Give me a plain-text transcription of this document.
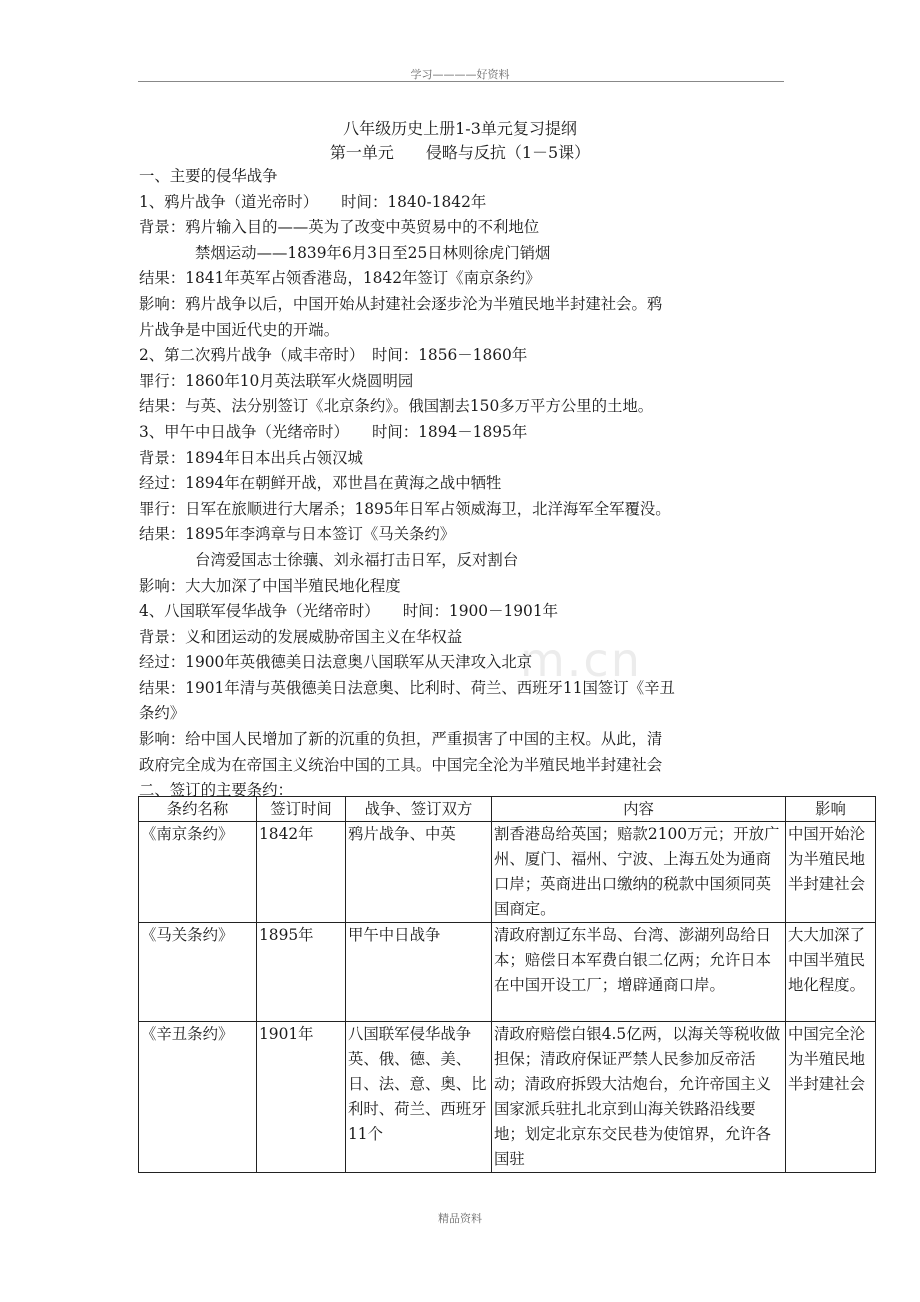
学习————好资料
m.cn
八年级历史上册1-3单元复习提纲
第一单元　　侵略与反抗（1－5课）
一、主要的侵华战争
1、鸦片战争（道光帝时）　　时间：1840-1842年
背景：鸦片输入目的——英为了改变中英贸易中的不利地位
禁烟运动——1839年6月3日至25日林则徐虎门销烟
结果：1841年英军占领香港岛，1842年签订《南京条约》
影响：鸦片战争以后，中国开始从封建社会逐步沦为半殖民地半封建社会。鸦
片战争是中国近代史的开端。
2、第二次鸦片战争（咸丰帝时）　时间：1856－1860年
罪行：1860年10月英法联军火烧圆明园
结果：与英、法分别签订《北京条约》。俄国割去150多万平方公里的土地。
3、甲午中日战争（光绪帝时）　　时间：1894－1895年
背景：1894年日本出兵占领汉城
经过：1894年在朝鲜开战，邓世昌在黄海之战中牺牲
罪行：日军在旅顺进行大屠杀；1895年日军占领威海卫，北洋海军全军覆没。
结果：1895年李鸿章与日本签订《马关条约》
台湾爱国志士徐骧、刘永福打击日军，反对割台
影响：大大加深了中国半殖民地化程度
4、八国联军侵华战争（光绪帝时）　　时间：1900－1901年
背景：义和团运动的发展威胁帝国主义在华权益
经过：1900年英俄德美日法意奥八国联军从天津攻入北京
结果：1901年清与英俄德美日法意奥、比利时、荷兰、西班牙11国签订《辛丑
条约》
影响：给中国人民增加了新的沉重的负担，严重损害了中国的主权。从此，清
政府完全成为在帝国主义统治中国的工具。中国完全沦为半殖民地半封建社会
二、签订的主要条约：
条约名称	签订时间	战争、签订双方	内容	影响
《南京条约》	1842年	鸦片战争、中英	割香港岛给英国；赔款2100万元；开放广州、厦门、福州、宁波、上海五处为通商口岸；英商进出口缴纳的税款中国须同英国商定。	中国开始沦为半殖民地半封建社会
《马关条约》	1895年	甲午中日战争	清政府割辽东半岛、台湾、澎湖列岛给日本；赔偿日本军费白银二亿两；允许日本在中国开设工厂；增辟通商口岸。	大大加深了中国半殖民地化程度。
《辛丑条约》	1901年	八国联军侵华战争英、俄、德、美、日、法、意、奥、比利时、荷兰、西班牙11个	清政府赔偿白银4.5亿两，以海关等税收做担保；清政府保证严禁人民参加反帝活动；清政府拆毁大沽炮台，允许帝国主义国家派兵驻扎北京到山海关铁路沿线要地；划定北京东交民巷为使馆界，允许各国驻	中国完全沦为半殖民地半封建社会
精品资料
